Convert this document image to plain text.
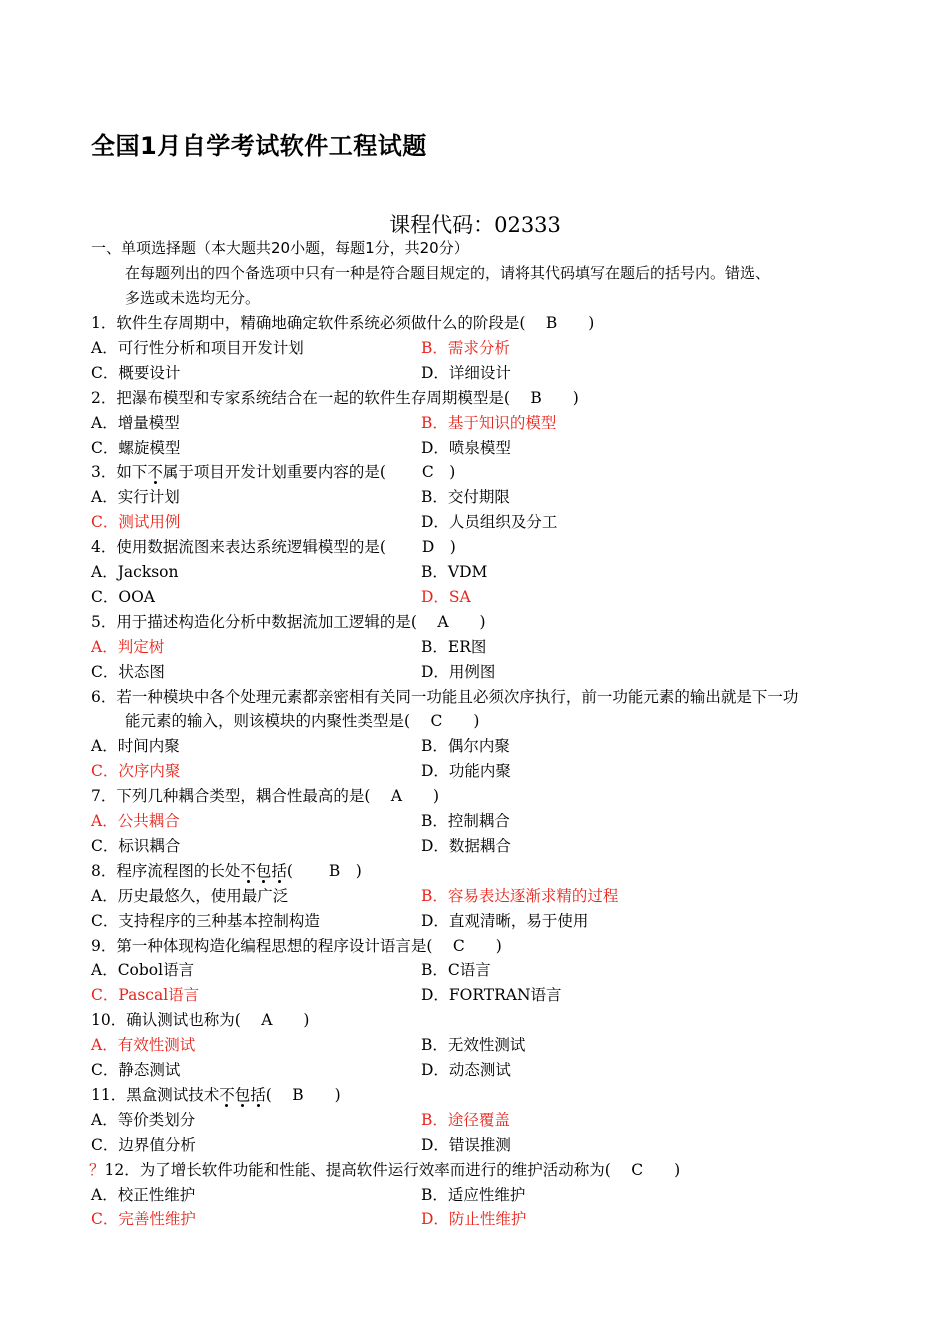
全国1月自学考试软件工程试题
课程代码：02333
一、单项选择题（本大题共20小题，每题1分，共20分）
在每题列出的四个备选项中只有一种是符合题目规定的，请将其代码填写在题后的括号内。错选、
多选或未选均无分。
1．软件生存周期中，精确地确定软件系统必须做什么的阶段是(　 B　　)
A．可行性分析和项目开发计划	B．需求分析
C．概要设计	D．详细设计
2．把瀑布模型和专家系统结合在一起的软件生存周期模型是(　 B　　)
A．增量模型	B．基于知识的模型
C．螺旋模型	D．喷泉模型
3．如下不属于项目开发计划重要内容的是(　　 C　)
A．实行计划	B．交付期限
C．测试用例	D．人员组织及分工
4．使用数据流图来表达系统逻辑模型的是(　　 D　)
A．Jackson	B．VDM
C．OOA	D．SA
5．用于描述构造化分析中数据流加工逻辑的是(　 A　　)
A．判定树	B．ER图
C．状态图	D．用例图
6．若一种模块中各个处理元素都亲密相有关同一功能且必须次序执行，前一功能元素的输出就是下一功
能元素的输入，则该模块的内聚性类型是(　 C　　)
A．时间内聚	B．偶尔内聚
C．次序内聚	D．功能内聚
7．下列几种耦合类型，耦合性最高的是(　 A　　)
A．公共耦合	B．控制耦合
C．标识耦合	D．数据耦合
8．程序流程图的长处不包括(　　 B　)
A．历史最悠久，使用最广泛	B．容易表达逐渐求精的过程
C．支持程序的三种基本控制构造	D．直观清晰，易于使用
9．第一种体现构造化编程思想的程序设计语言是(　 C　　)
A．Cobol语言	B．C语言
C．Pascal语言	D．FORTRAN语言
10．确认测试也称为(　 A　　)
A．有效性测试	B．无效性测试
C．静态测试	D．动态测试
11．黑盒测试技术不包括(　 B　　)
A．等价类划分	B．途径覆盖
C．边界值分析	D．错误推测
？12．为了增长软件功能和性能、提高软件运行效率而进行的维护活动称为(　 C　　)
A．校正性维护	B．适应性维护
C．完善性维护	D．防止性维护
